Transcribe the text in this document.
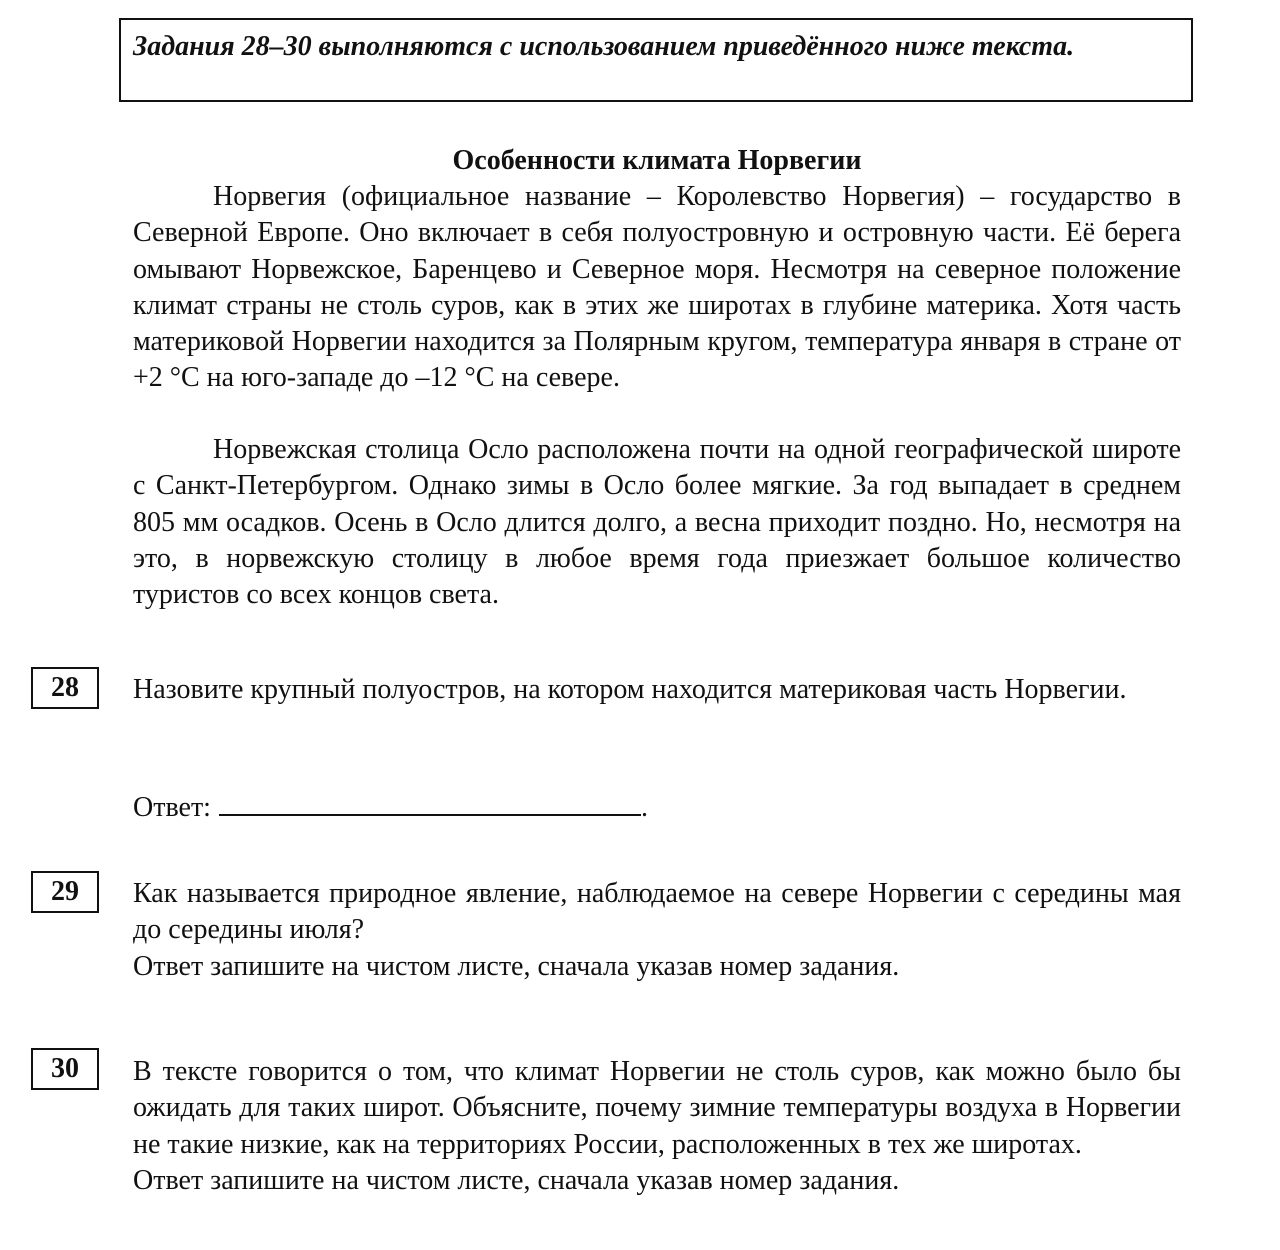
Задания 28–30 выполняются с использованием приведённого ниже текста.
Особенности климата Норвегии
Норвегия (официальное название – Королевство Норвегия) – государство в Северной Европе. Оно включает в себя полуостровную и островную части. Её берега омывают Норвежское, Баренцево и Северное моря. Несмотря на северное положение климат страны не столь суров, как в этих же широтах в глубине материка. Хотя часть материковой Норвегии находится за Полярным кругом, температура января в стране от +2 °С на юго-западе до –12 °С на севере.
Норвежская столица Осло расположена почти на одной географической широте с Санкт-Петербургом. Однако зимы в Осло более мягкие. За год выпадает в среднем 805 мм осадков. Осень в Осло длится долго, а весна приходит поздно. Но, несмотря на это, в норвежскую столицу в любое время года приезжает большое количество туристов со всех концов света.
28	Назовите крупный полуостров, на котором находится материковая часть Норвегии.
Ответ:	.
29	Как называется природное явление, наблюдаемое на севере Норвегии с середины мая до середины июля?
Ответ запишите на чистом листе, сначала указав номер задания.
30	В тексте говорится о том, что климат Норвегии не столь суров, как можно было бы ожидать для таких широт. Объясните, почему зимние температуры воздуха в Норвегии не такие низкие, как на территориях России, расположенных в тех же широтах.
Ответ запишите на чистом листе, сначала указав номер задания.
